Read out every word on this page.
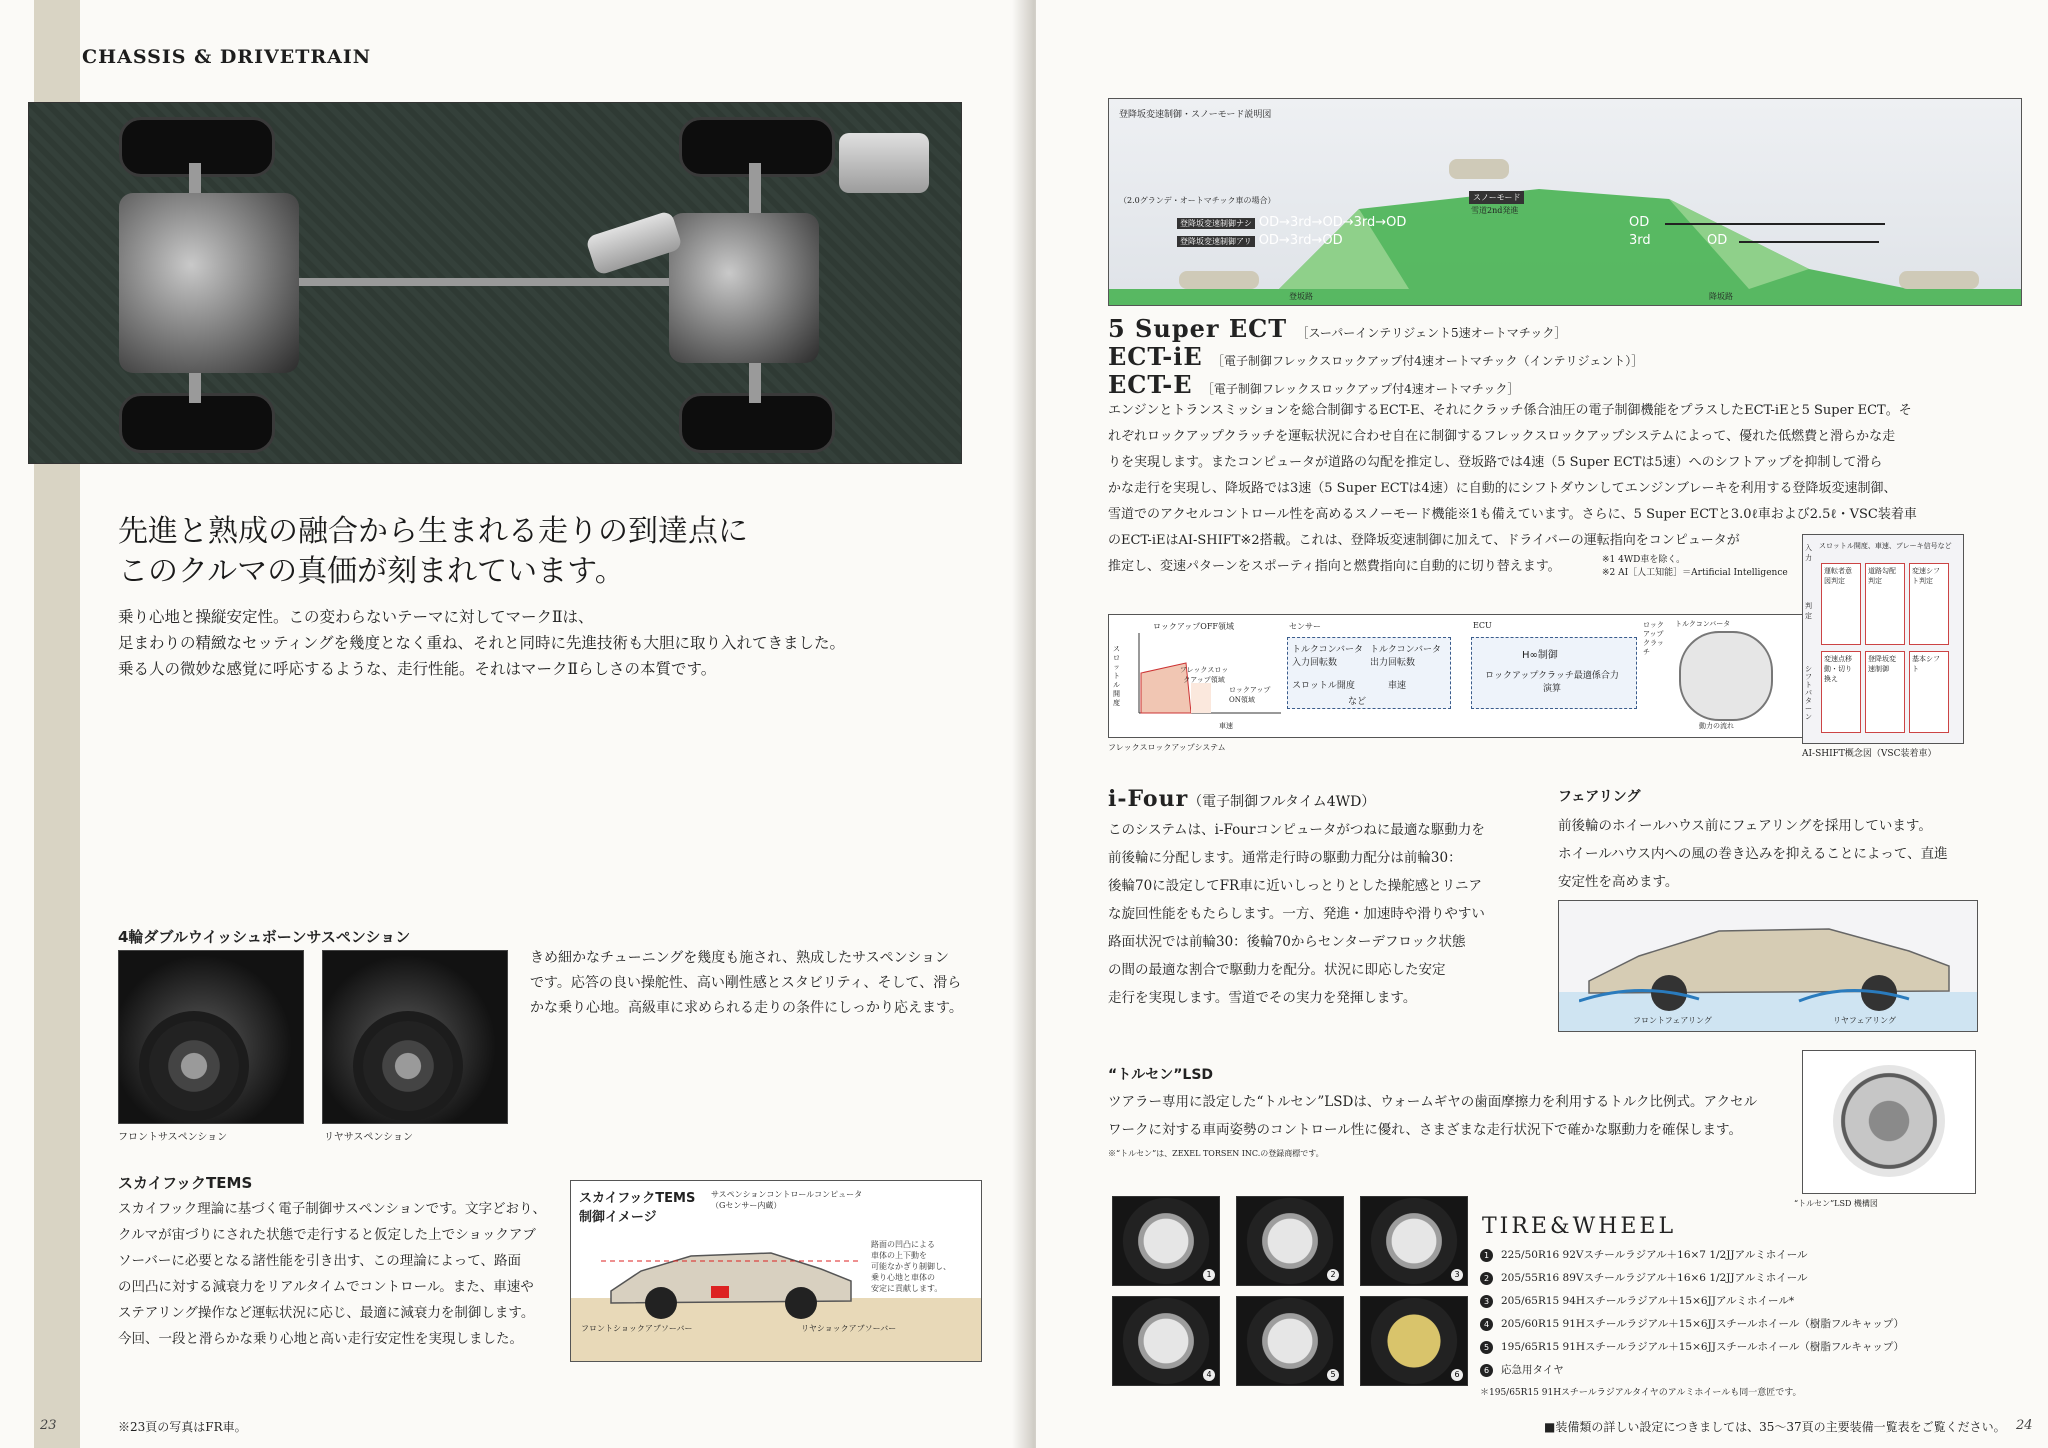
CHASSIS & DRIVETRAIN
先進と熟成の融合から生まれる走りの到達点に
このクルマの真価が刻まれています。
乗り心地と操縦安定性。この変わらないテーマに対してマークⅡは、
足まわりの精緻なセッティングを幾度となく重ね、それと同時に先進技術も大胆に取り入れてきました。
乗る人の微妙な感覚に呼応するような、走行性能。それはマークⅡらしさの本質です。
4輪ダブルウイッシュボーンサスペンション
フロントサスペンション	リヤサスペンション
きめ細かなチューニングを幾度も施され、熟成したサスペンション
です。応答の良い操舵性、高い剛性感とスタビリティ、そして、滑ら
かな乗り心地。高級車に求められる走りの条件にしっかり応えます。
スカイフックTEMS
スカイフック理論に基づく電子制御サスペンションです。文字どおり、
クルマが宙づりにされた状態で走行すると仮定した上でショックアブ
ソーバーに必要となる諸性能を引き出す、この理論によって、路面
の凹凸に対する減衰力をリアルタイムでコントロール。また、車速や
ステアリング操作など運転状況に応じ、最適に減衰力を制御します。
今回、一段と滑らかな乗り心地と高い走行安定性を実現しました。
スカイフックTEMS
制御イメージ
サスペンションコントロールコンピュータ
（Gセンサー内蔵）
路面の凹凸による
車体の上下動を
可能なかぎり制御し、
乗り心地と車体の
安定に貢献します。
フロントショックアブソーバー	リヤショックアブソーバー
※23頁の写真はFR車。
23
登降坂変速制御・スノーモード説明図
（2.0グランデ・オートマチック車の場合）
登降坂変速制御ナシ OD→3rd→OD→3rd→OD
登降坂変速制御アリ OD→3rd→OD
OD
3rd	OD
スノーモード
雪道2nd発進
登坂路	降坂路
5 Super ECT ［スーパーインテリジェント5速オートマチック］
ECT-iE ［電子制御フレックスロックアップ付4速オートマチック（インテリジェント）］
ECT-E ［電子制御フレックスロックアップ付4速オートマチック］
エンジンとトランスミッションを総合制御するECT-E、それにクラッチ係合油圧の電子制御機能をプラスしたECT-iEと5 Super ECT。そ
れぞれロックアップクラッチを運転状況に合わせ自在に制御するフレックスロックアップシステムによって、優れた低燃費と滑らかな走
りを実現します。またコンピュータが道路の勾配を推定し、登坂路では4速（5 Super ECTは5速）へのシフトアップを抑制して滑ら
かな走行を実現し、降坂路では3速（5 Super ECTは4速）に自動的にシフトダウンしてエンジンブレーキを利用する登降坂変速制御、
雪道でのアクセルコントロール性を高めるスノーモード機能※1も備えています。さらに、5 Super ECTと3.0ℓ車および2.5ℓ・VSC装着車
のECT-iEはAI-SHIFT※2搭載。これは、登降坂変速制御に加えて、ドライバーの運転指向をコンピュータが
推定し、変速パターンをスポーティ指向と燃費指向に自動的に切り替えます。	※1 4WD車を除く。
※2 AI［人工知能］＝Artificial Intelligence
ロックアップOFF領域
フレックスロックアップ領域
ロックアップON領域
スロットル開度
車速
センサー
トルクコンバータ入力回転数
トルクコンバータ出力回転数
スロットル開度	車速
など
ECU
H∞制御
ロックアップクラッチ最適係合力演算
ロックアップクラッチ
トルクコンバータ
動力の流れ
フレックスロックアップシステム
スロットル開度、車速、ブレーキ信号など
入力
判定
シフトパターン
運転者意図判定
道路勾配判定
変速シフト判定
変速点移動・切り換え
登降坂変速制御
基本シフト
AI-SHIFT概念図（VSC装着車）
i-Four（電子制御フルタイム4WD）
このシステムは、i-Fourコンピュータがつねに最適な駆動力を
前後輪に分配します。通常走行時の駆動力配分は前輪30：
後輪70に設定してFR車に近いしっとりとした操舵感とリニア
な旋回性能をもたらします。一方、発進・加速時や滑りやすい
路面状況では前輪30：後輪70からセンターデフロック状態
の間の最適な割合で駆動力を配分。状況に即応した安定
走行を実現します。雪道でその実力を発揮します。
フェアリング
前後輪のホイールハウス前にフェアリングを採用しています。
ホイールハウス内への風の巻き込みを抑えることによって、直進
安定性を高めます。
フロントフェアリング	リヤフェアリング
“トルセン”LSD
ツアラー専用に設定した“トルセン”LSDは、ウォームギヤの歯面摩擦力を利用するトルク比例式。アクセル
ワークに対する車両姿勢のコントロール性に優れ、さまざまな走行状況下で確かな駆動力を確保します。
※“トルセン”は、ZEXEL TORSEN INC.の登録商標です。
“トルセン”LSD 機構図
1	2	3
4	5	6
TIRE&WHEEL
1 225/50R16 92Vスチールラジアル＋16×7 1/2JJアルミホイール
2 205/55R16 89Vスチールラジアル＋16×6 1/2JJアルミホイール
3 205/65R15 94Hスチールラジアル＋15×6JJアルミホイール*
4 205/60R15 91Hスチールラジアル＋15×6JJスチールホイール（樹脂フルキャップ）
5 195/65R15 91Hスチールラジアル＋15×6JJスチールホイール（樹脂フルキャップ）
6 応急用タイヤ
＊195/65R15 91Hスチールラジアルタイヤのアルミホイールも同一意匠です。
■装備類の詳しい設定につきましては、35〜37頁の主要装備一覧表をご覧ください。 24
